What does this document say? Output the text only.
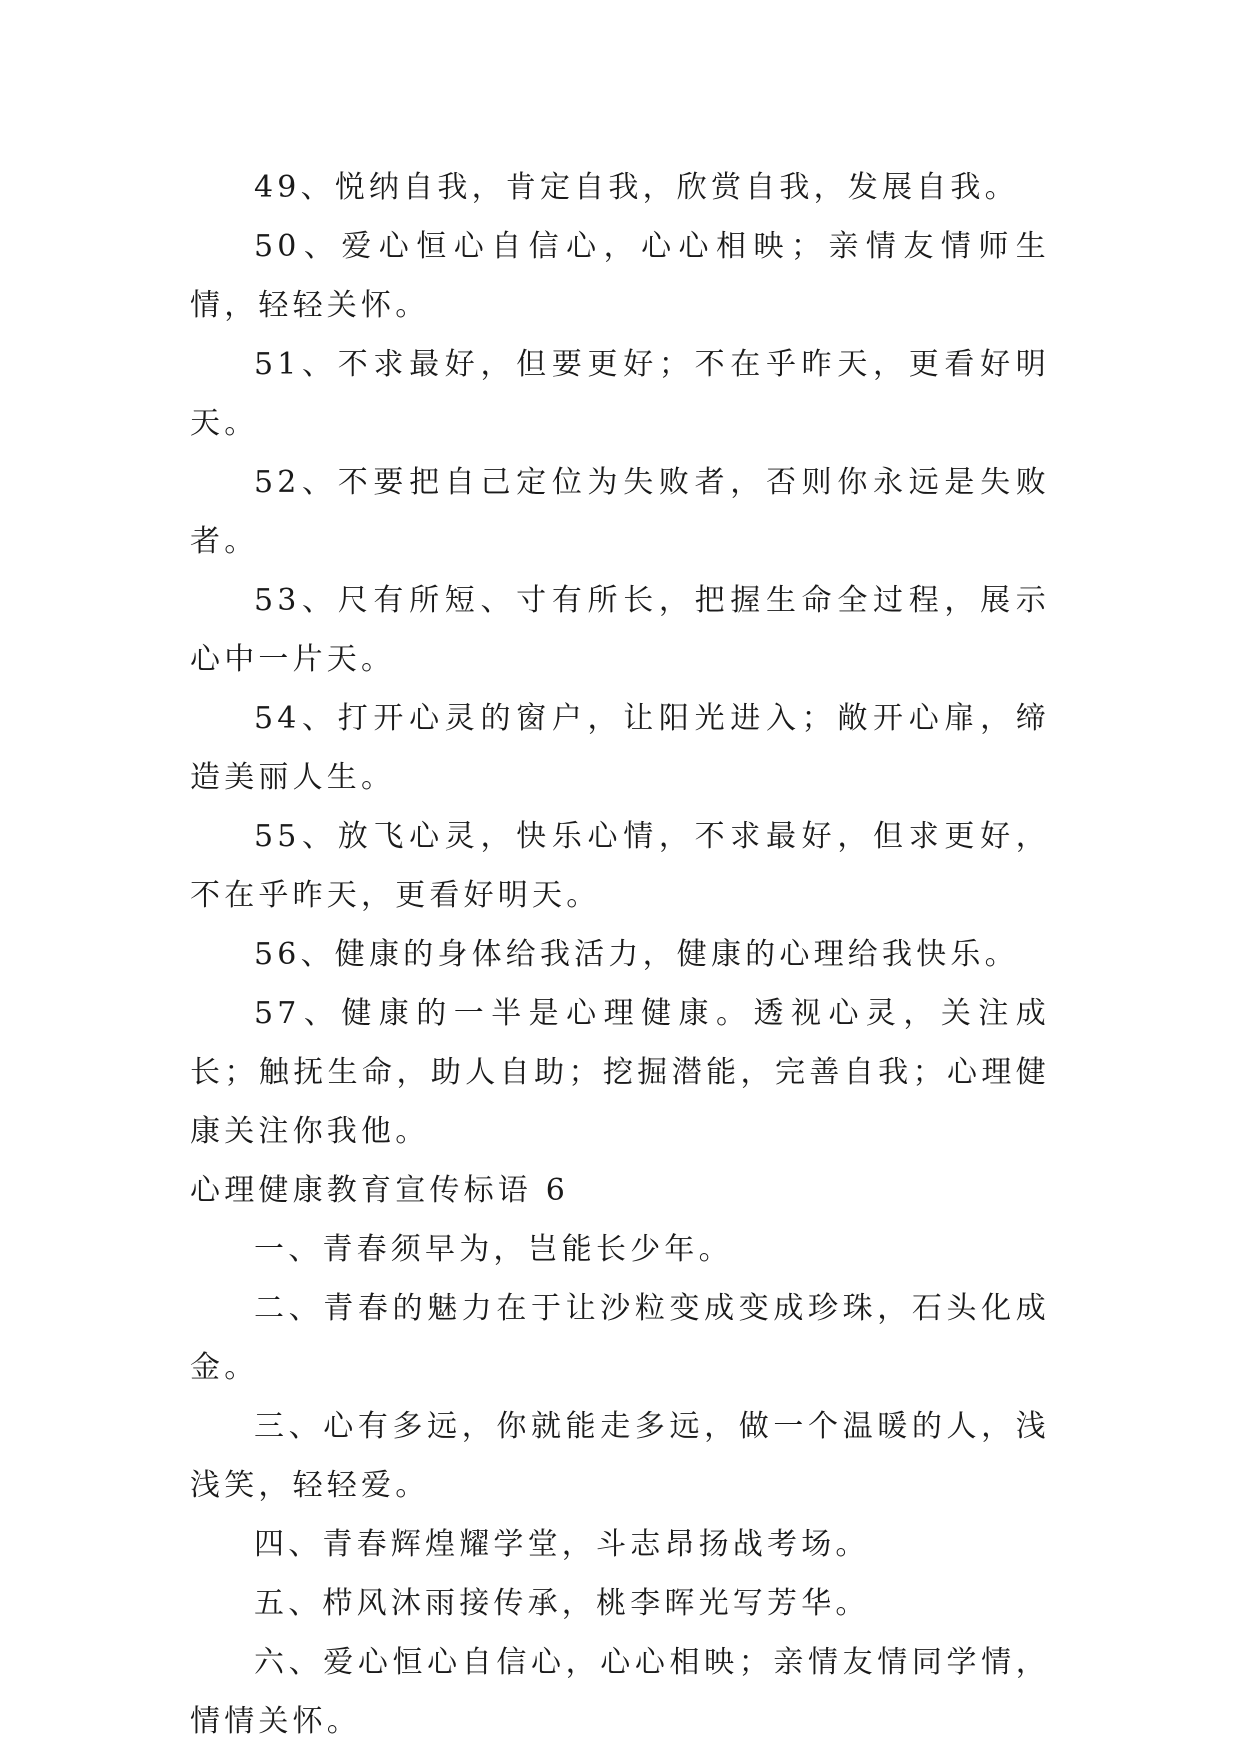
49、悦纳自我，肯定自我，欣赏自我，发展自我。

50、爱心恒心自信心，心心相映；亲情友情师生情，轻轻关怀。

51、不求最好，但要更好；不在乎昨天，更看好明天。

52、不要把自己定位为失败者，否则你永远是失败者。

53、尺有所短、寸有所长，把握生命全过程，展示心中一片天。

54、打开心灵的窗户，让阳光进入；敞开心扉，缔造美丽人生。

55、放飞心灵，快乐心情，不求最好，但求更好，不在乎昨天，更看好明天。

56、健康的身体给我活力，健康的心理给我快乐。

57、健康的一半是心理健康。透视心灵，关注成长；触抚生命，助人自助；挖掘潜能，完善自我；心理健康关注你我他。

心理健康教育宣传标语 6

一、青春须早为，岂能长少年。

二、青春的魅力在于让沙粒变成变成珍珠，石头化成金。

三、心有多远，你就能走多远，做一个温暖的人，浅浅笑，轻轻爱。

四、青春辉煌耀学堂，斗志昂扬战考场。

五、栉风沐雨接传承，桃李晖光写芳华。

六、爱心恒心自信心，心心相映；亲情友情同学情，情情关怀。
